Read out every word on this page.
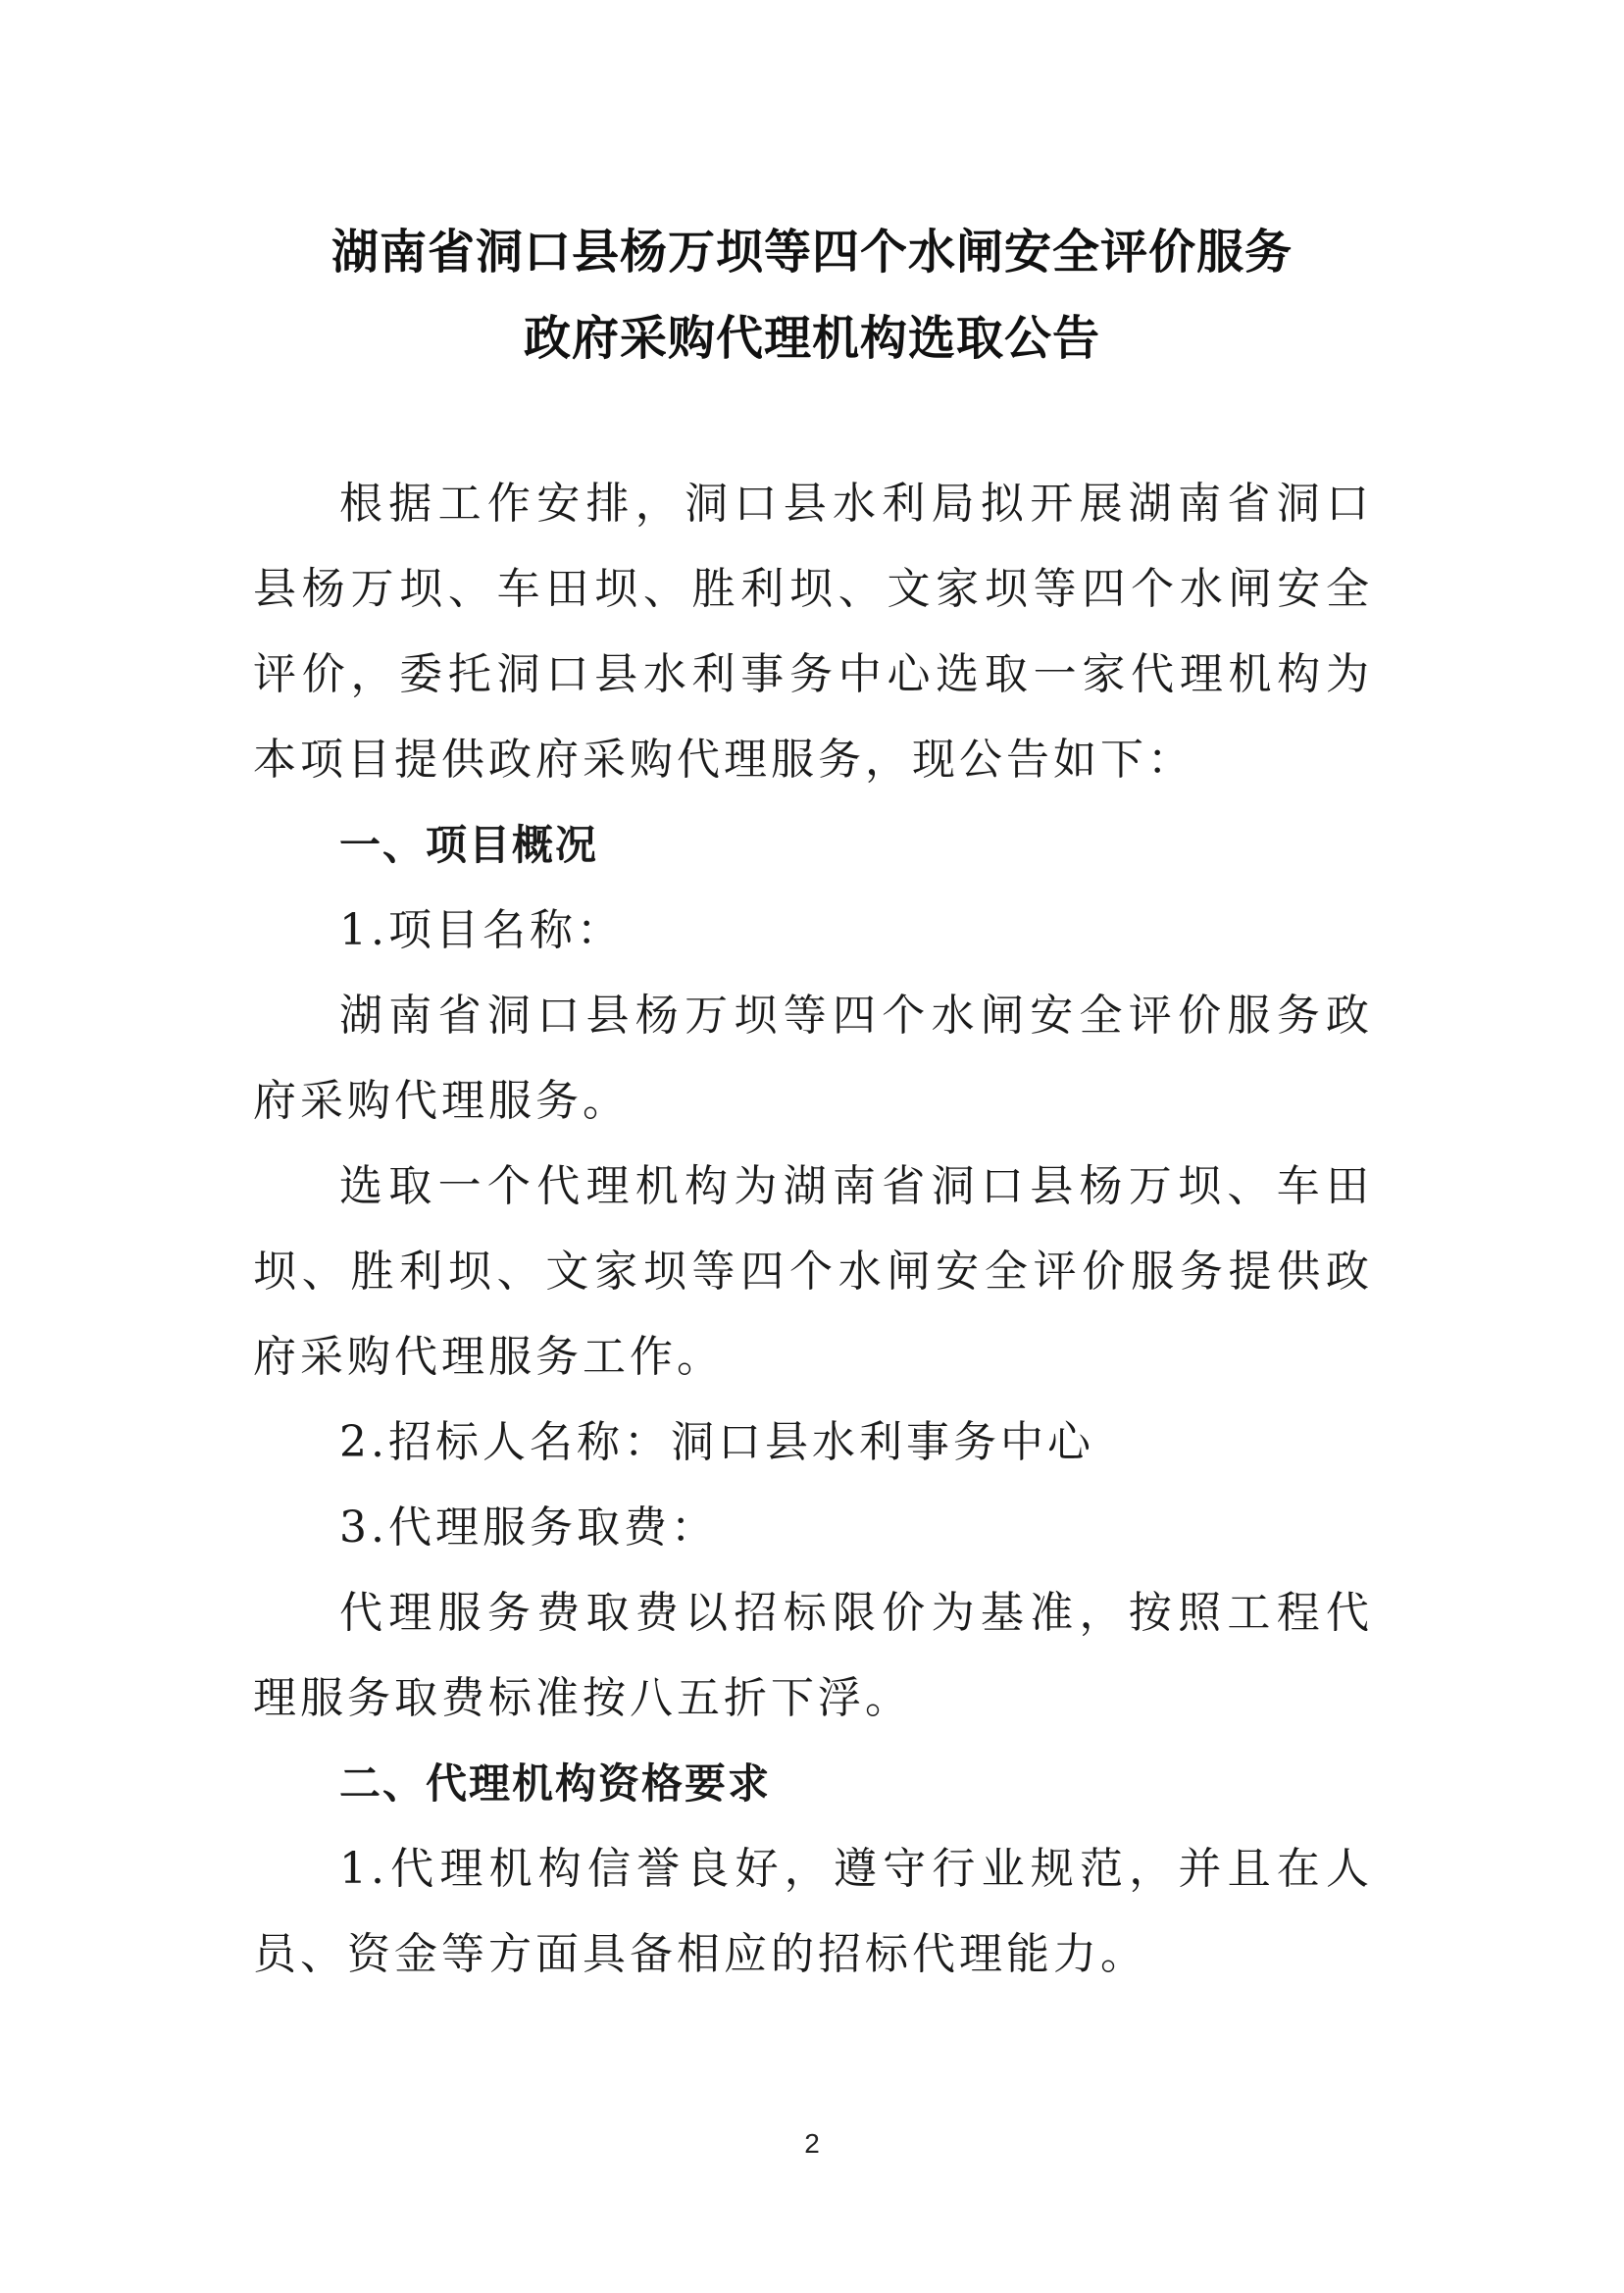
湖南省洞口县杨万坝等四个水闸安全评价服务
政府采购代理机构选取公告

根据工作安排，洞口县水利局拟开展湖南省洞口县杨万坝、车田坝、胜利坝、文家坝等四个水闸安全评价，委托洞口县水利事务中心选取一家代理机构为本项目提供政府采购代理服务，现公告如下：

一、项目概况

1.项目名称：

湖南省洞口县杨万坝等四个水闸安全评价服务政府采购代理服务。

选取一个代理机构为湖南省洞口县杨万坝、车田坝、胜利坝、文家坝等四个水闸安全评价服务提供政府采购代理服务工作。

2.招标人名称：洞口县水利事务中心

3.代理服务取费：

代理服务费取费以招标限价为基准，按照工程代理服务取费标准按八五折下浮。

二、代理机构资格要求

1.代理机构信誉良好，遵守行业规范，并且在人员、资金等方面具备相应的招标代理能力。

2
